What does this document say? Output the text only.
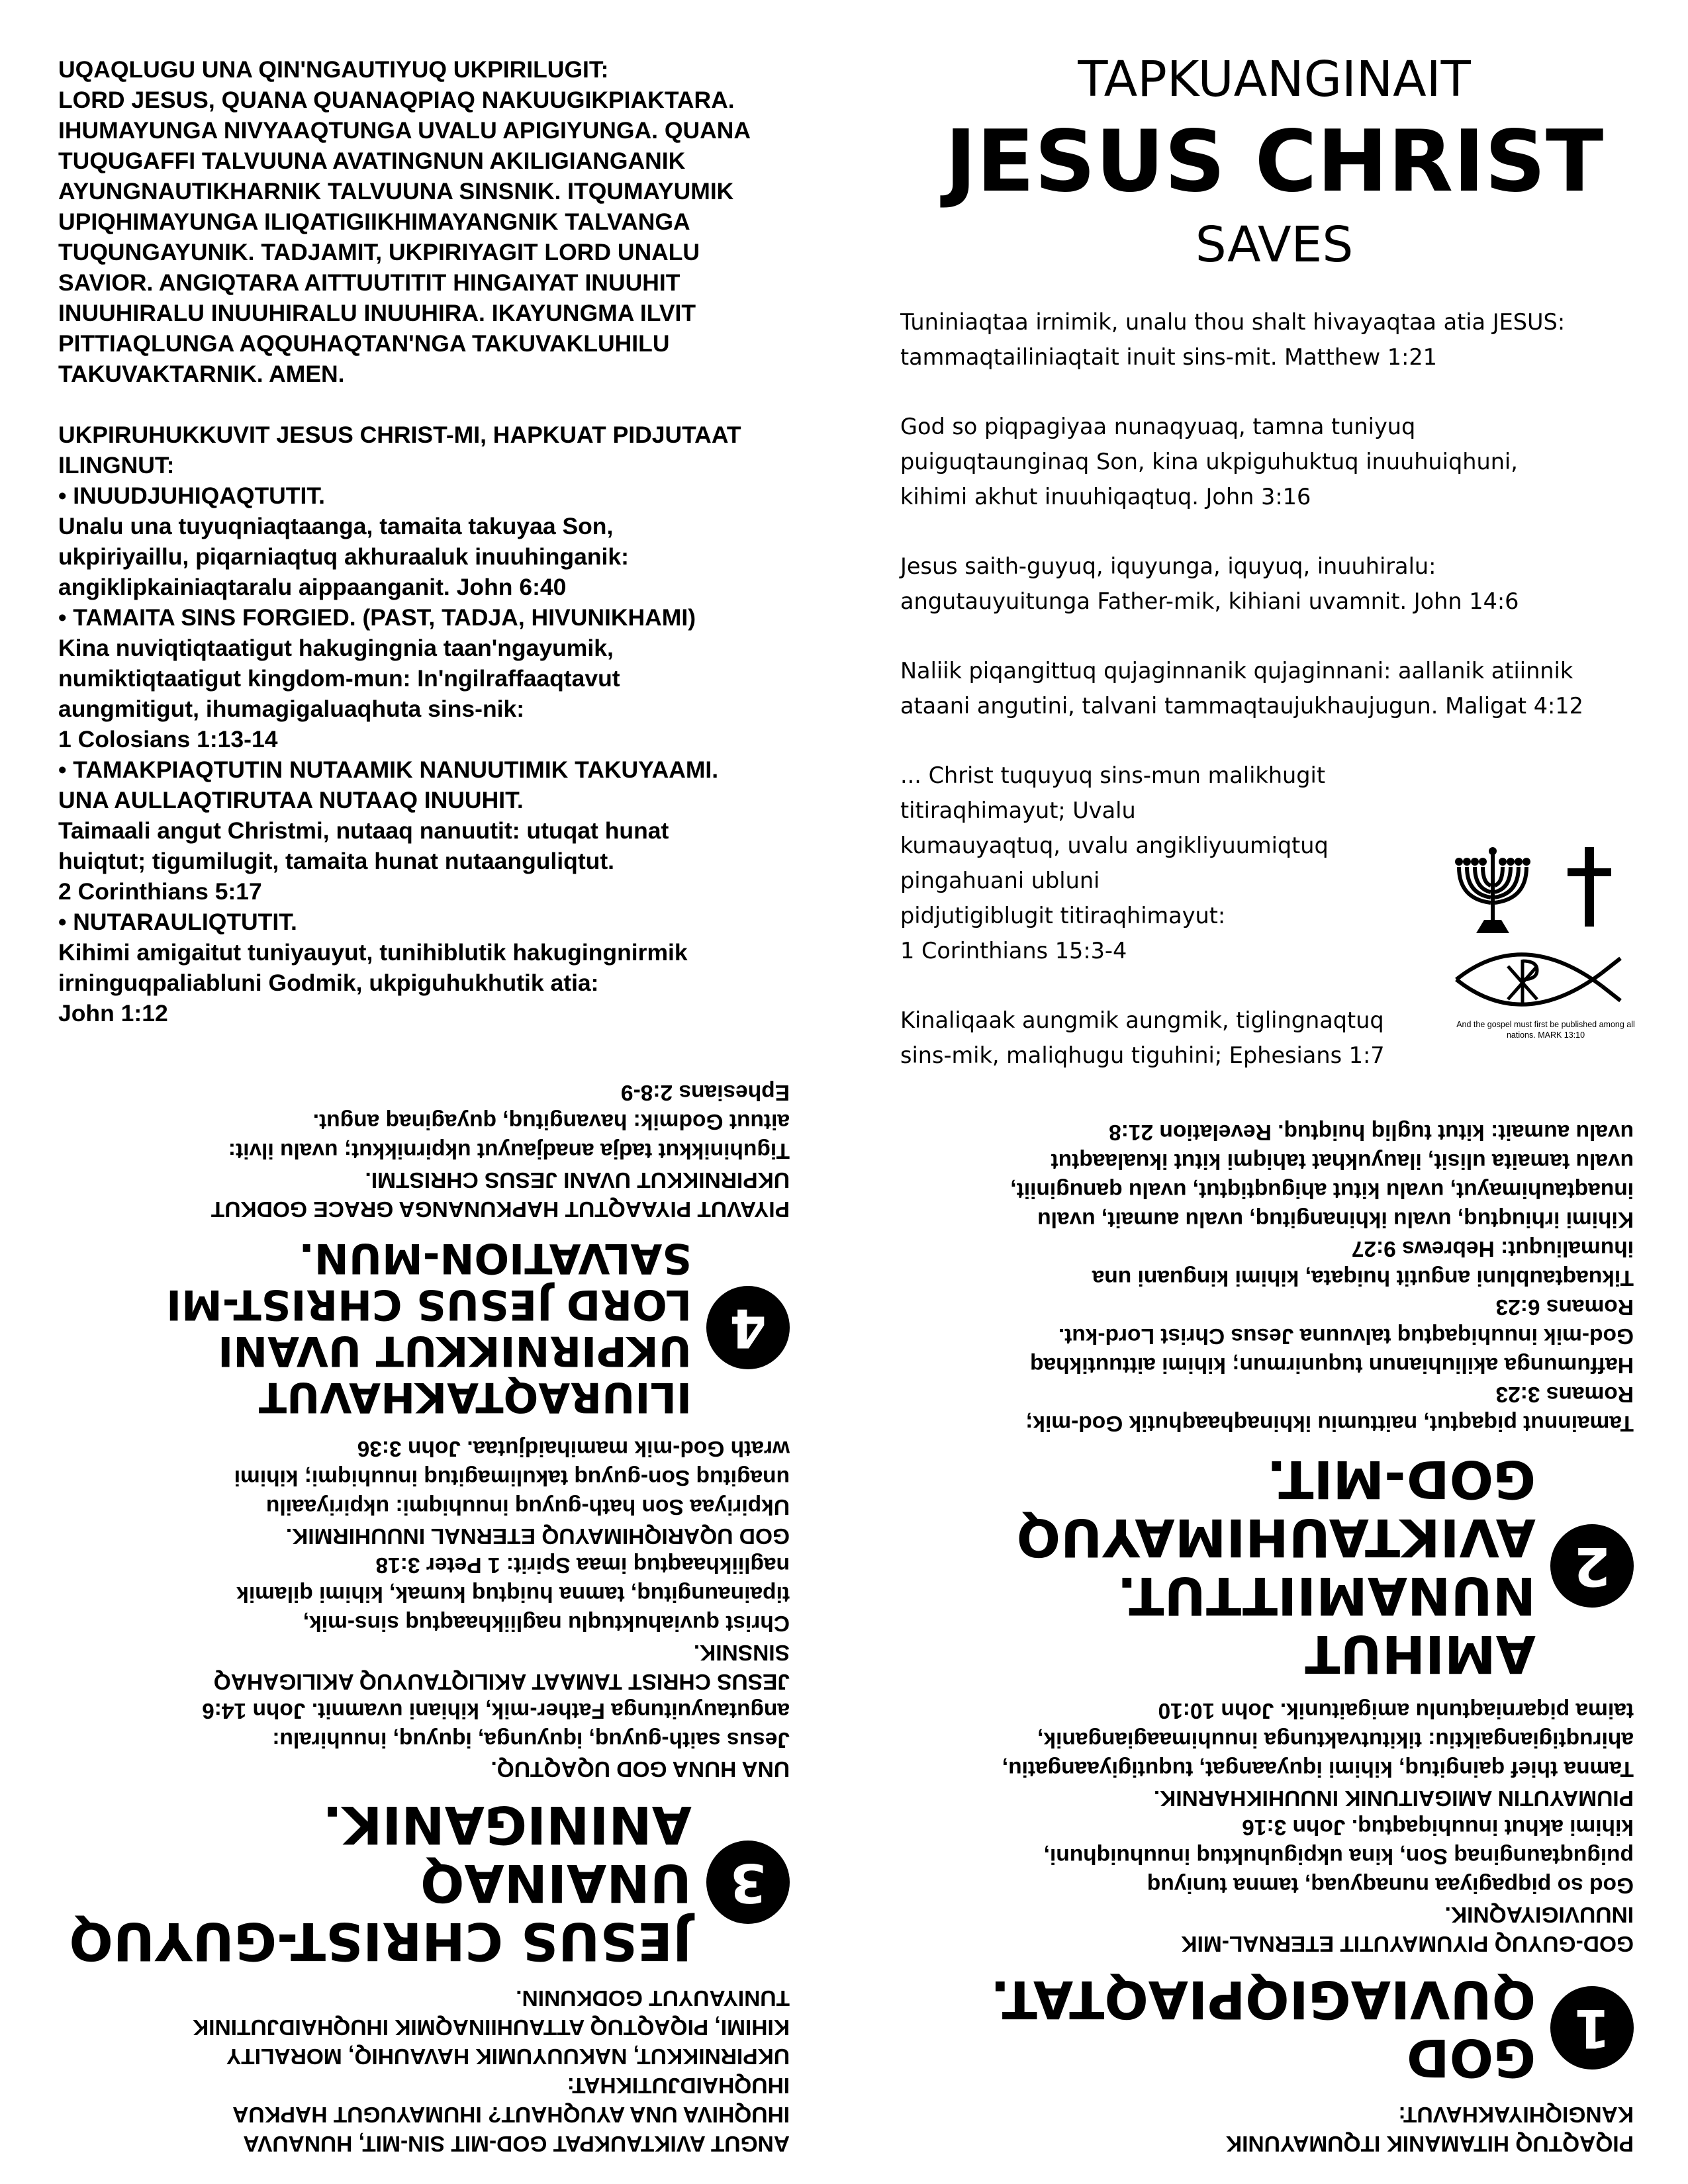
UQAQLUGU UNA QIN'NGAUTIYUQ UKPIRILUGIT:
LORD JESUS, QUANA QUANAQPIAQ NAKUUGIKPIAKTARA.
IHUMAYUNGA NIVYAAQTUNGA UVALU APIGIYUNGA. QUANA
TUQUGAFFI TALVUUNA AVATINGNUN AKILIGIANGANIK
AYUNGNAUTIKHARNIK TALVUUNA SINSNIK. ITQUMAYUMIK
UPIQHIMAYUNGA ILIQATIGIIKHIMAYANGNIK TALVANGA
TUQUNGAYUNIK. TADJAMIT, UKPIRIYAGIT LORD UNALU
SAVIOR. ANGIQTARA AITTUUTITIT HINGAIYAT INUUHIT
INUUHIRALU INUUHIRALU INUUHIRA. IKAYUNGMA ILVIT
PITTIAQLUNGA AQQUHAQTAN'NGA TAKUVAKLUHILU
TAKUVAKTARNIK. AMEN.
UKPIRUHUKKUVIT JESUS CHRIST-MI, HAPKUAT PIDJUTAAT
ILINGNUT:
• INUUDJUHIQAQTUTIT.
Unalu una tuyuqniaqtaanga, tamaita takuyaa Son,
ukpiriyaillu, piqarniaqtuq akhuraaluk inuuhinganik:
angiklipkainiaqtaralu aippaanganit. John 6:40
• TAMAITA SINS FORGIED. (PAST, TADJA, HIVUNIKHAMI)
Kina nuviqtiqtaatigut hakugingnia taan'ngayumik,
numiktiqtaatigut kingdom-mun: In'ngilraffaaqtavut
aungmitigut, ihumagigaluaqhuta sins-nik:
1 Colosians 1:13-14
• TAMAKPIAQTUTIN NUTAAMIK NANUUTIMIK TAKUYAAMI.
UNA AULLAQTIRUTAA NUTAAQ INUUHIT.
Taimaali angut Christmi, nutaaq nanuutit: utuqat hunat
huiqtut; tigumilugit, tamaita hunat nutaanguliqtut.
2 Corinthians 5:17
• NUTARAULIQTUTIT.
Kihimi amigaitut tuniyauyut, tunihiblutik hakugingnirmik
irninguqpaliabluni Godmik, ukpiguhukhutik atia:
John 1:12
TAPKUANGINAIT
JESUS CHRIST
SAVES
Tuniniaqtaa irnimik, unalu thou shalt hivayaqtaa atia JESUS:
tammaqtailiniaqtait inuit sins-mit. Matthew 1:21
God so piqpagiyaa nunaqyuaq, tamna tuniyuq
puiguqtaunginaq Son, kina ukpiguhuktuq inuuhuiqhuni,
kihimi akhut inuuhiqaqtuq. John 3:16
Jesus saith-guyuq, iquyunga, iquyuq, inuuhiralu:
angutauyuitunga Father-mik, kihiani uvamnit. John 14:6
Naliik piqangittuq qujaginnanik qujaginnani: aallanik atiinnik
ataani angutini, talvani tammaqtaujukhaujugun. Maligat 4:12
... Christ tuquyuq sins-mun malikhugit titiraqhimayut; Uvalu
kumauyaqtuq, uvalu angikliyuumiqtuq pingahuani ubluni
pidjutigiblugit titiraqhimayut:
1 Corinthians 15:3-4
Kinaliqaak aungmik aungmik, tiglingnaqtuq
sins-mik, maliqhugu tiguhini; Ephesians 1:7
And the gospel must first be published among all nations. MARK 13:10
PIQAQTUQ HITAMANIK ITQUMAYUNIK
KANGIQHIYAKHAVUT:
1
GOD QUVIAGIQPIAQTAT.
GOD-GUYUQ PIYUMAYUTIT ETERNAL-MIK
INUUVIGIYAQNIK.
God so piqpagiyaa nunaqyuaq, tamna tuniyuq
puiguqtaunginaq Son, kina ukpiguhuktuq inuuhuiqhuni,
kihimi akhut inuuhiqaqtuq. John 3:16
PIUMAYUTIN AMIGAITUNIK INUUHIKHARNIK.
Tamna thief qaingituq, kihimi iquyaangat, tuqutigiyaangatiu,
ahiruqtigiangaiktiu: tikitutvaktunga inuuhimaagianganik,
taima piqarniaqtunlu amigaitunik. John 10:10
2
AMIHUT NUNAMIITTUT.
AVIKTAUHIMAYUQ GOD-MIT.
Tamainnut piqaqtut, naittumiu ikhinaqhaaqhutik God-mik;
Romans 3:23
Haffumunga akiliuhianun tuqunirmun; kihimi aittuutikhaq
God-mik inuuhiqaqtuq talvuuna Jesus Christ Lord-kut.
Romans 6:23
Tikuaqtaubluni angutit huiqata, kihimi kinguani una
ihumaliuqut: Hebrews 9:27
Kihimi irhiuqtuq, uvalu ikhinangituq, uvalu aumait, uvalu
inuaqtauhimayut, uvalu kitut ahiguqtiqtut, uvalu qanuginiit,
uvalu tamaita ulisit, ilauyukhat tahiqmi kitut ikualaaqtut
uvalu aumait: kitut tugliq huiqtuq. Revelation 21:8
ANGUT AVIKTAUKPAT GOD-MIT SIN-MIT, HUNAUVA
IHUQHIVA UNA AYUQHAUT? IHUMAYUGUT HAPKUA
IHUQHAIDJUTIKHAT:
UKPIRNIKKUT, NAKUUYUMIK HAVAUHIQ, MORALITY
KIHIMI, PIQAQTUQ ATTAUHIINAQMIK IHUQHAIDJUTINIK
TUNIYAUYUT GODKUNIN.
3
JESUS CHRIST-GUYUQ
UNAINAQ ANINIGANIK.
UNA HUNA GOD UQAQTUQ.
Jesus saith-guyuq, iquyunga, iquyuq, inuuhiralu:
angutauyuitunga Father-mik, kihiani uvamnit. John 14:6
JESUS CHRIST TAMAAT AKILIQTAUYUQ AKILIGAHAQ
SINSNIK.
Christ quviahuktuqlu nagliikhaaqtuq sins-mik,
tipainaungituq, tamna huiqtuq kumak, kihimi qilamik
nagliikhaaqtuq imaa Spirit: 1 Peter 3:18
GOD UQARIQHIMAYUQ ETERNAL INUUHIRMIK.
Ukpiriyaa Son hath-guyuq inuuhiqmi: ukpiriyaailu
unagituq Son-guyuq takulimagituq inuuhiqmi; kihimi
wrath God-mik mamihaidjutaa. John 3:36
4
ILIURAQTAKHAVUT UKPIRNIKKUT UVANI
LORD JESUS CHRIST-MI SALVATION-MUN.
PIYAVUT PIYAAQTUT HAPKUNANGA GRACE GODKUT
UKPIRNIKKUT UVANI JESUS CHRISTMI.
Tiguhinikkut tadja anadjauyut ukpirnikkut; uvalu ilvit:
aituut Godmik: havangituq, quyaginaq angut.
Ephesians 2:8-9
